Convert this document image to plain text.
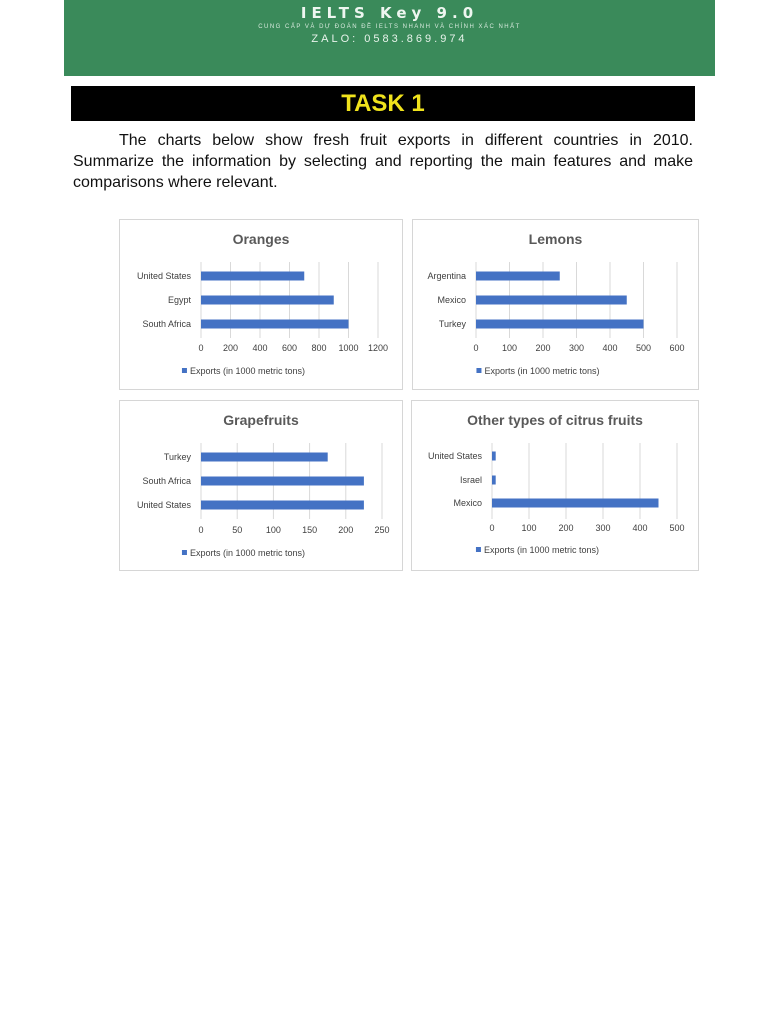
IELTS Key 9.0
CUNG CẤP VÀ DỰ ĐOÁN ĐỀ IELTS NHANH VÀ CHÍNH XÁC NHẤT
ZALO: 0583.869.974
TASK 1

The charts below show fresh fruit exports in different countries in 2010. Summarize the information by selecting and reporting the main features and make comparisons where relevant.

Oranges
United States
Egypt
South Africa
0 200 400 600 800 1000 1200
Exports (in 1000 metric tons)
Lemons
Argentina
Mexico
Turkey
0	100 200 300 400 500 600
Exports (in 1000 metric tons)
Grapefruits
Turkey
South Africa
United States
0	50	100 150 200 250
Exports (in 1000 metric tons)
Other types of citrus fruits
United States
Israel
Mexico
0	100 200 300 400 500
Exports (in 1000 metric tons)
